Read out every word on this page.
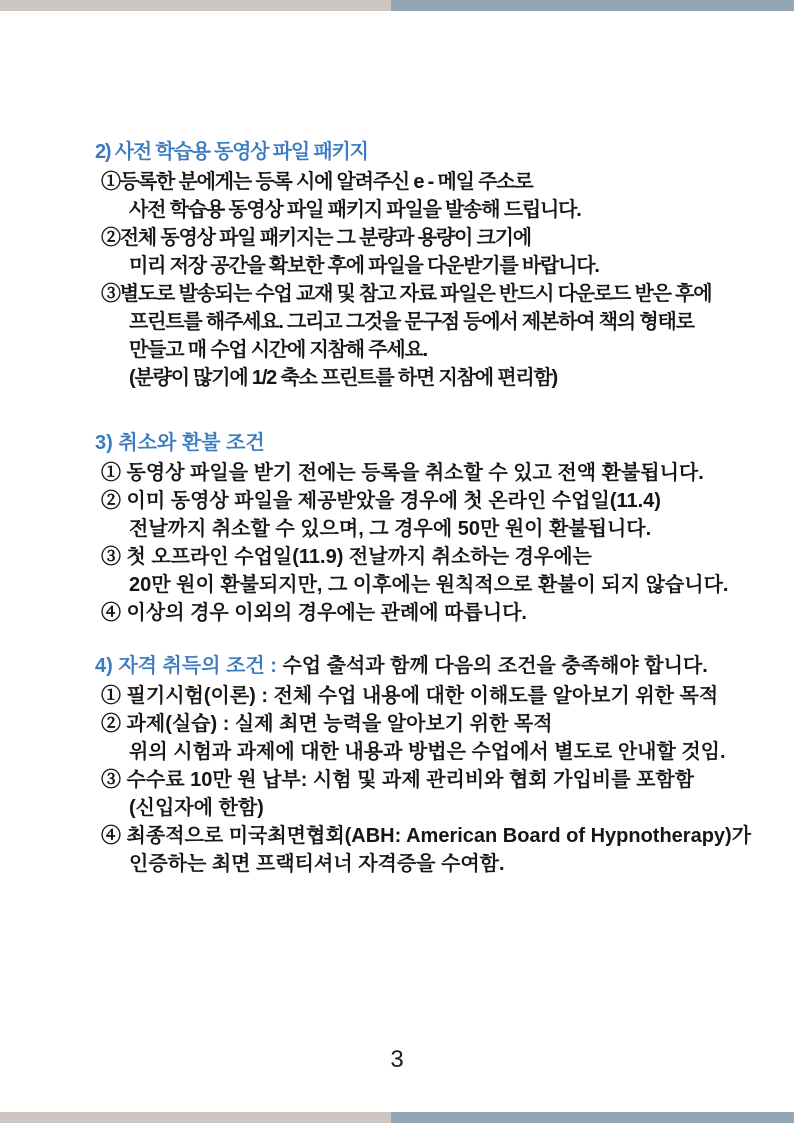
2) 사전 학습용 동영상 파일 패키지

①등록한 분에게는 등록 시에 알려주신 e - 메일 주소로

사전 학습용 동영상 파일 패키지 파일을 발송해 드립니다.

②전체 동영상 파일 패키지는 그 분량과 용량이 크기에

미리 저장 공간을 확보한 후에 파일을 다운받기를 바랍니다.

③별도로 발송되는 수업 교재 및 참고 자료 파일은 반드시 다운로드 받은 후에

프린트를 해주세요. 그리고 그것을 문구점 등에서 제본하여 책의 형태로

만들고 매 수업 시간에 지참해 주세요.

(분량이 많기에 1/2 축소 프린트를 하면 지참에 편리함)

3) 취소와 환불 조건

① 동영상 파일을 받기 전에는 등록을 취소할 수 있고 전액 환불됩니다.

② 이미 동영상 파일을 제공받았을 경우에 첫 온라인 수업일(11.4)

전날까지 취소할 수 있으며, 그 경우에 50만 원이 환불됩니다.

③ 첫 오프라인 수업일(11.9) 전날까지 취소하는 경우에는

20만 원이 환불되지만, 그 이후에는 원칙적으로 환불이 되지 않습니다.

④ 이상의 경우 이외의 경우에는 관례에 따릅니다.

4) 자격 취득의 조건 : 수업 출석과 함께 다음의 조건을 충족해야 합니다.

① 필기시험(이론) : 전체 수업 내용에 대한 이해도를 알아보기 위한 목적

② 과제(실습) : 실제 최면 능력을 알아보기 위한 목적

위의 시험과 과제에 대한 내용과 방법은 수업에서 별도로 안내할 것임.

③ 수수료 10만 원 납부: 시험 및 과제 관리비와 협회 가입비를 포함함

(신입자에 한함)

④ 최종적으로 미국최면협회(ABH: American Board of Hypnotherapy)가

인증하는 최면 프랙티셔너 자격증을 수여함.

3
